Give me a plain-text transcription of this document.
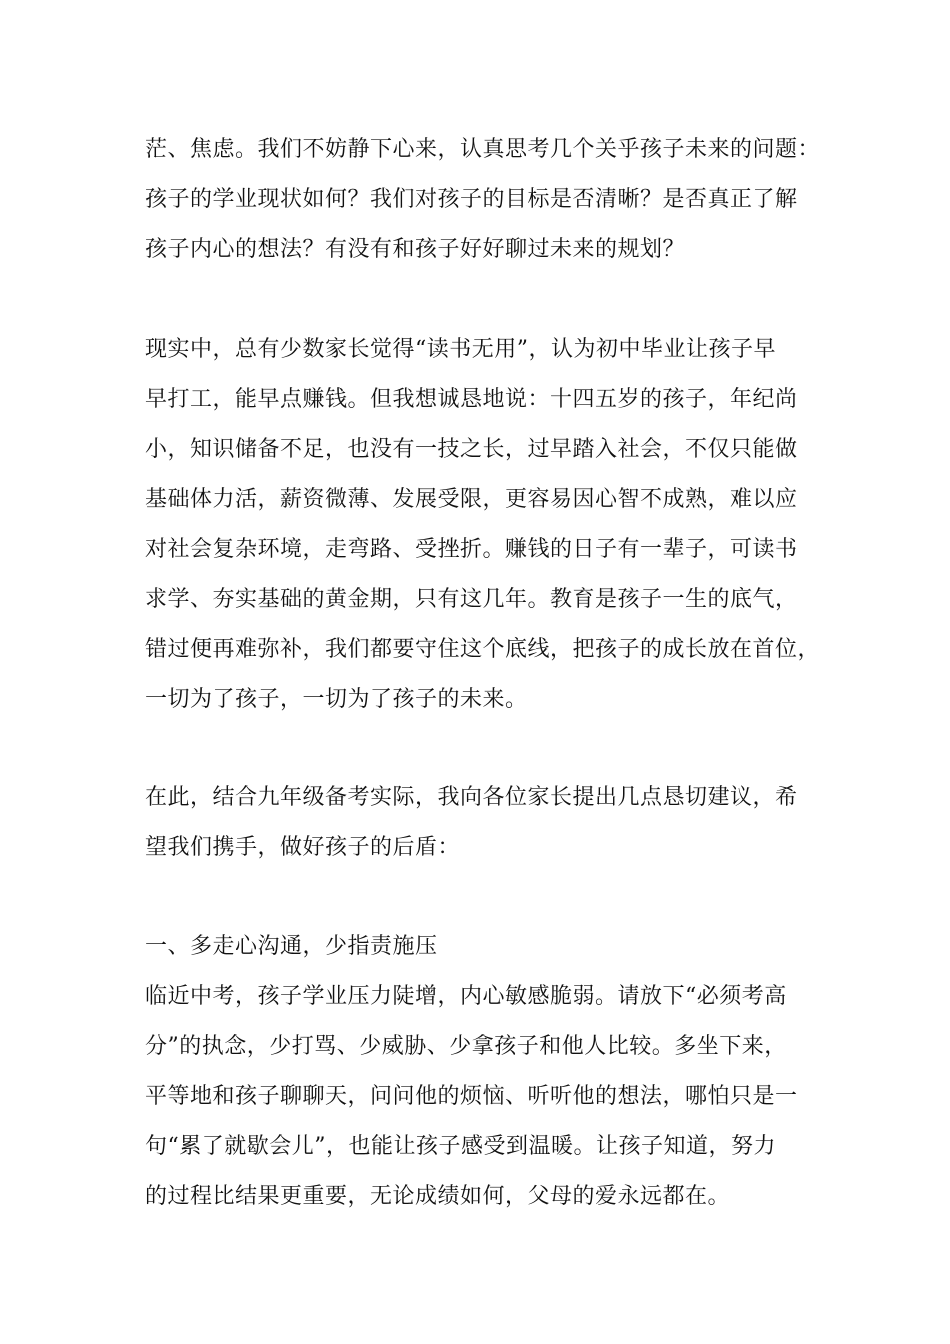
茫、焦虑。我们不妨静下心来，认真思考几个关乎孩子未来的问题：
孩子的学业现状如何？我们对孩子的目标是否清晰？是否真正了解
孩子内心的想法？有没有和孩子好好聊过未来的规划？

现实中，总有少数家长觉得“读书无用”，认为初中毕业让孩子早
早打工，能早点赚钱。但我想诚恳地说：十四五岁的孩子，年纪尚
小，知识储备不足，也没有一技之长，过早踏入社会，不仅只能做
基础体力活，薪资微薄、发展受限，更容易因心智不成熟，难以应
对社会复杂环境，走弯路、受挫折。赚钱的日子有一辈子，可读书
求学、夯实基础的黄金期，只有这几年。教育是孩子一生的底气，
错过便再难弥补，我们都要守住这个底线，把孩子的成长放在首位，
一切为了孩子，一切为了孩子的未来。

在此，结合九年级备考实际，我向各位家长提出几点恳切建议，希
望我们携手，做好孩子的后盾：

一、多走心沟通，少指责施压
临近中考，孩子学业压力陡增，内心敏感脆弱。请放下“必须考高
分”的执念，少打骂、少威胁、少拿孩子和他人比较。多坐下来，
平等地和孩子聊聊天，问问他的烦恼、听听他的想法，哪怕只是一
句“累了就歇会儿”，也能让孩子感受到温暖。让孩子知道，努力
的过程比结果更重要，无论成绩如何，父母的爱永远都在。
